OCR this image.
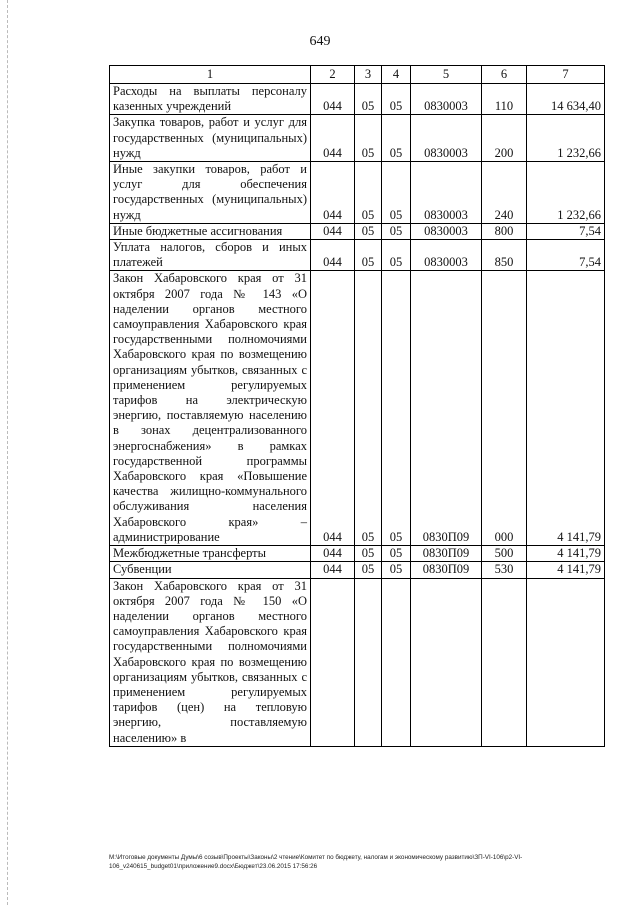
649
1	2	3	4	5	6	7
Расходы на выплаты персоналу казенных учреждений	044	05	05	0830003	110	14 634,40
Закупка товаров, работ и услуг для государственных (муниципальных) нужд	044	05	05	0830003	200	1 232,66
Иные закупки товаров, работ и услуг для обеспечения государственных (муниципальных) нужд	044	05	05	0830003	240	1 232,66
Иные бюджетные ассигнования	044	05	05	0830003	800	7,54
Уплата налогов, сборов и иных платежей	044	05	05	0830003	850	7,54
Закон Хабаровского края от 31 октября 2007 года № 143 «О наделении органов местного самоуправления Хабаровского края государственными полномочиями Хабаровского края по возмещению организациям убытков, связанных с применением регулируемых тарифов на электрическую энергию, поставляемую населению в зонах децентрализованного энергоснабжения» в рамках государственной программы Хабаровского края «Повышение качества жилищно-коммунального обслуживания населения Хабаровского края» – администрирование	044	05	05	0830П09	000	4 141,79
Межбюджетные трансферты	044	05	05	0830П09	500	4 141,79
Субвенции	044	05	05	0830П09	530	4 141,79
Закон Хабаровского края от 31 октября 2007 года № 150 «О наделении органов местного самоуправления Хабаровского края государственными полномочиями Хабаровского края по возмещению организациям убытков, связанных с применением регулируемых тарифов (цен) на тепловую энергию, поставляемую населению» в						
M:\Итоговые документы Думы\6 созыв\Проекты\Законы\2 чтение\Комитет по бюджету, налогам и экономическому развитию\ЗП-VI-106\p2-VI-106_v240615_budget01\приложение9.docx\Бюджет\23.06.2015 17:56:26
